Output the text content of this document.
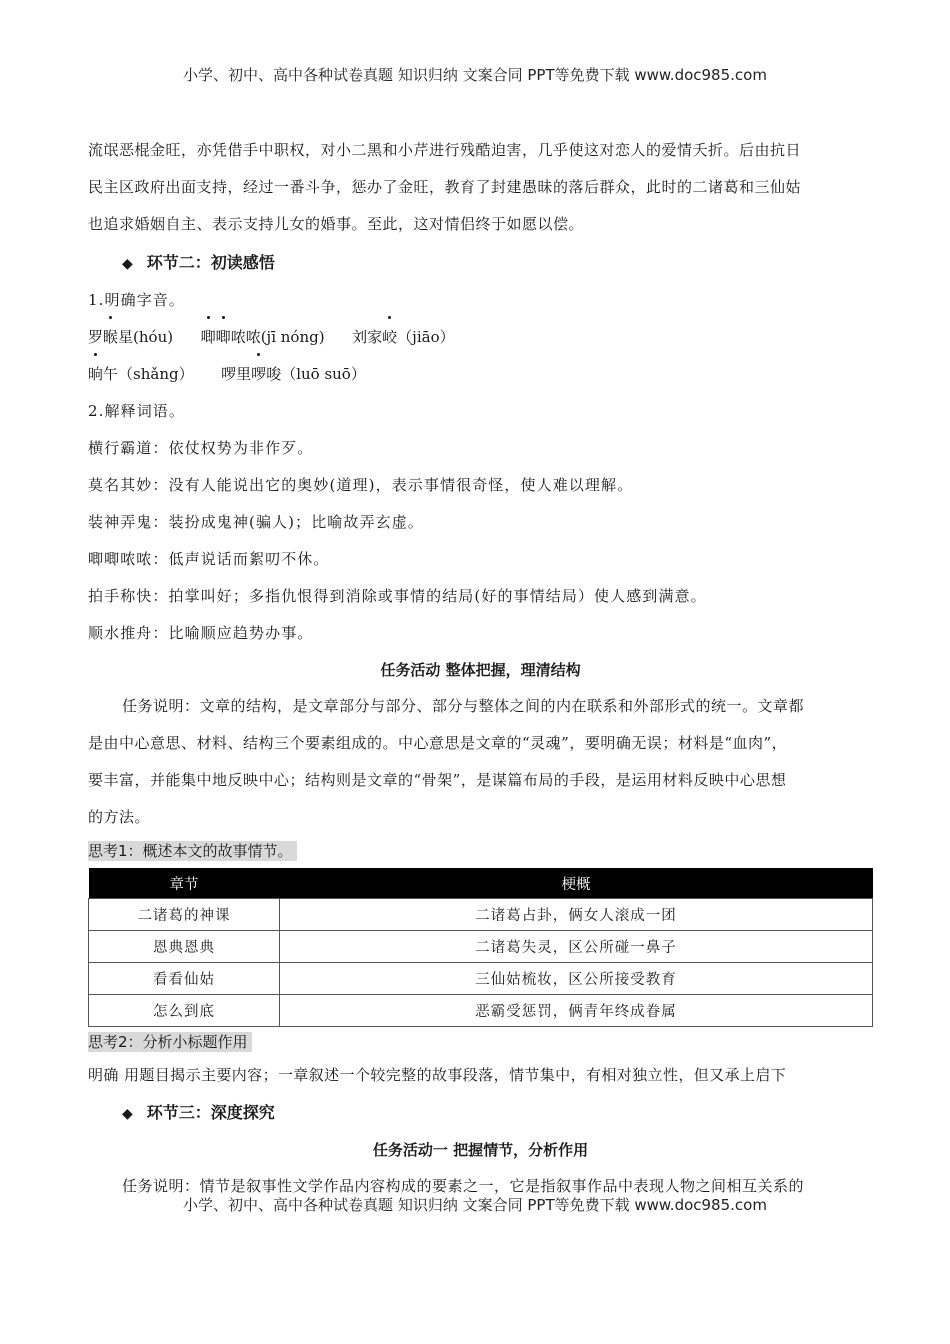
小学、初中、高中各种试卷真题 知识归纳 文案合同 PPT等免费下载 www.doc985.com

流氓恶棍金旺，亦凭借手中职权，对小二黑和小芹进行残酷迫害，几乎使这对恋人的爱情夭折。后由抗日

民主区政府出面支持，经过一番斗争，惩办了金旺，教育了封建愚昧的落后群众，此时的二诸葛和三仙姑

也追求婚姻自主、表示支持儿女的婚事。至此，这对情侣终于如愿以偿。

◆ 环节二：初读感悟

1.明确字音。

罗睺星(hóu) 唧唧哝哝(jī nóng) 刘家峧（jiāo）

晌午（shǎng） 啰里啰唆（luō suō）

2.解释词语。

横行霸道：依仗权势为非作歹。

莫名其妙：没有人能说出它的奥妙(道理)，表示事情很奇怪，使人难以理解。

装神弄鬼：装扮成鬼神(骗人)；比喻故弄玄虚。

唧唧哝哝：低声说话而絮叨不休。

拍手称快：拍掌叫好；多指仇恨得到消除或事情的结局(好的事情结局）使人感到满意。

顺水推舟：比喻顺应趋势办事。

任务活动 整体把握，理清结构

任务说明：文章的结构，是文章部分与部分、部分与整体之间的内在联系和外部形式的统一。文章都

是由中心意思、材料、结构三个要素组成的。中心意思是文章的“灵魂”，要明确无误；材料是“血肉”，

要丰富，并能集中地反映中心；结构则是文章的“骨架”，是谋篇布局的手段，是运用材料反映中心思想

的方法。

思考1：概述本文的故事情节。

章节	梗概
二诸葛的神课	二诸葛占卦，俩女人滚成一团
恩典恩典	二诸葛失灵，区公所碰一鼻子
看看仙姑	三仙姑梳妆，区公所接受教育
怎么到底	恶霸受惩罚，俩青年终成眷属

思考2：分析小标题作用

明确 用题目揭示主要内容；一章叙述一个较完整的故事段落，情节集中，有相对独立性，但又承上启下

◆ 环节三：深度探究

任务活动一 把握情节，分析作用

任务说明：情节是叙事性文学作品内容构成的要素之一，它是指叙事作品中表现人物之间相互关系的

小学、初中、高中各种试卷真题 知识归纳 文案合同 PPT等免费下载 www.doc985.com
